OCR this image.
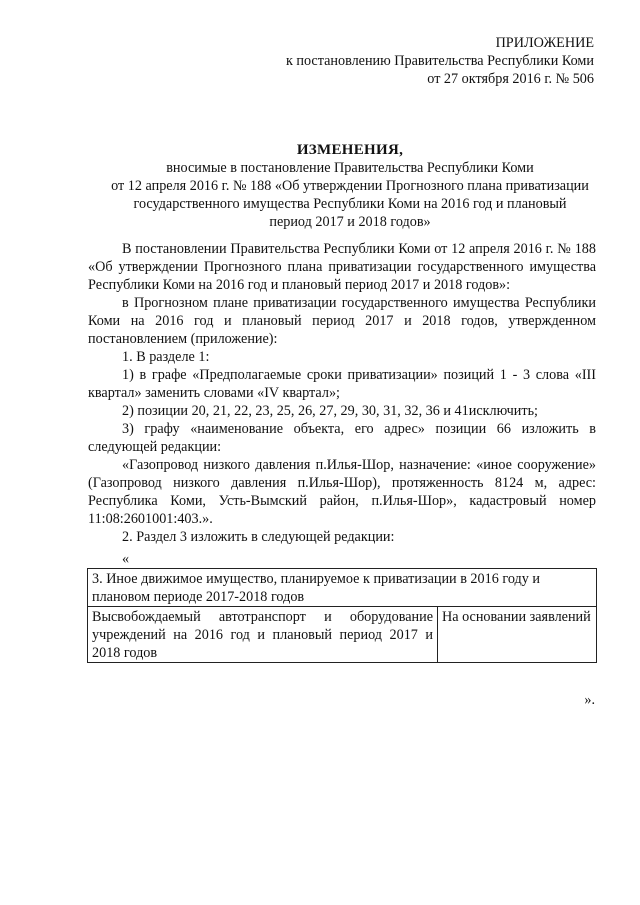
ПРИЛОЖЕНИЕ
к постановлению Правительства Республики Коми
от 27 октября 2016 г. № 506
ИЗМЕНЕНИЯ,
вносимые в постановление Правительства Республики Коми
от 12 апреля 2016 г. № 188 «Об утверждении Прогнозного плана приватизации
государственного имущества Республики Коми на 2016 год и плановый
период 2017 и 2018 годов»

В постановлении Правительства Республики Коми от 12 апреля 2016 г. № 188 «Об утверждении Прогнозного плана приватизации государственного имущества Республики Коми на 2016 год и плановый период 2017 и 2018 годов»:

в Прогнозном плане приватизации государственного имущества Республики Коми на 2016 год и плановый период 2017 и 2018 годов, утвержденном постановлением (приложение):

1. В разделе 1:

1) в графе «Предполагаемые сроки приватизации» позиций 1 - 3 слова «III квартал» заменить словами «IV квартал»;

2) позиции 20, 21, 22, 23, 25, 26, 27, 29, 30, 31, 32, 36 и 41исключить;

3) графу «наименование объекта, его адрес» позиции 66 изложить в следующей редакции:

«Газопровод низкого давления п.Илья-Шор, назначение: «иное сооружение» (Газопровод низкого давления п.Илья-Шор), протяженность 8124 м, адрес: Республика Коми, Усть-Вымский район, п.Илья-Шор», кадастровый номер 11:08:2601001:403.».

2. Раздел 3 изложить в следующей редакции:

«
3. Иное движимое имущество, планируемое к приватизации в 2016 году и плановом периоде 2017-2018 годов
Высвобождаемый автотранспорт и оборудование учреждений на 2016 год и плановый период 2017 и 2018 годов	На основании заявлений
».
